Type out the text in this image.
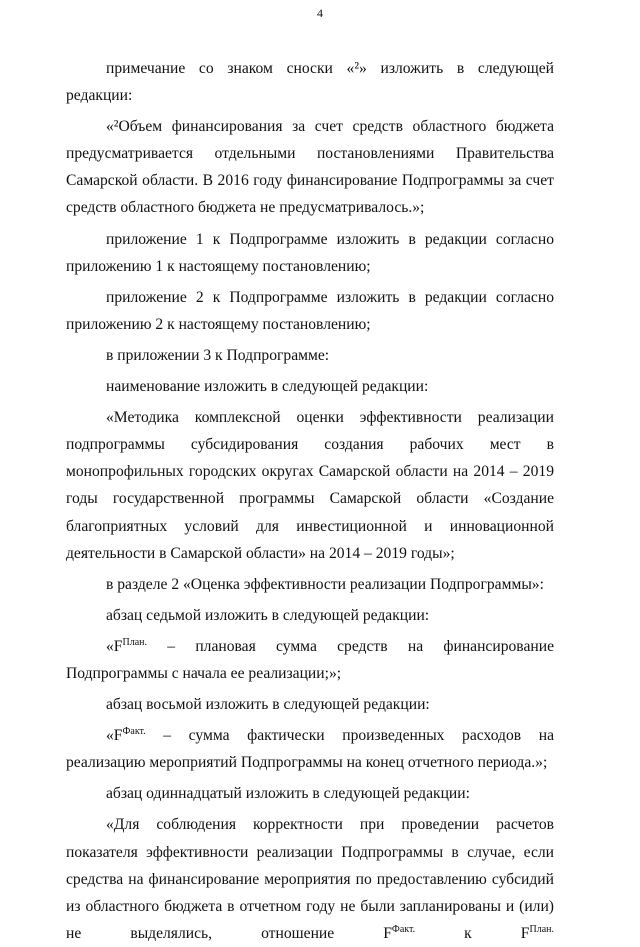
4

примечание со знаком сноски «²» изложить в следующей редакции:

«²Объем финансирования за счет средств областного бюджета предусматривается отдельными постановлениями Правительства Самарской области. В 2016 году финансирование Подпрограммы за счет средств областного бюджета не предусматривалось.»;

приложение 1 к Подпрограмме изложить в редакции согласно приложению 1 к настоящему постановлению;

приложение 2 к Подпрограмме изложить в редакции согласно приложению 2 к настоящему постановлению;

в приложении 3 к Подпрограмме:

наименование изложить в следующей редакции:

«Методика комплексной оценки эффективности реализации подпрограммы субсидирования создания рабочих мест в монопрофильных городских округах Самарской области на 2014 – 2019 годы государственной программы Самарской области «Создание благоприятных условий для инвестиционной и инновационной деятельности в Самарской области» на 2014 – 2019 годы»;

в разделе 2 «Оценка эффективности реализации Подпрограммы»:

абзац седьмой изложить в следующей редакции:

«$F^{План.}$ – плановая сумма средств на финансирование Подпрограммы с начала ее реализации;»;

абзац восьмой изложить в следующей редакции:

«$F^{Факт.}$ – сумма фактически произведенных расходов на реализацию мероприятий Подпрограммы на конец отчетного периода.»;

абзац одиннадцатый изложить в следующей редакции:

«Для соблюдения корректности при проведении расчетов показателя эффективности реализации Подпрограммы в случае, если средства на финансирование мероприятия по предоставлению субсидий из областного бюджета в отчетном году не были запланированы и (или) не выделялись, отношение $F^{Факт.}$ к $F^{План.}$
